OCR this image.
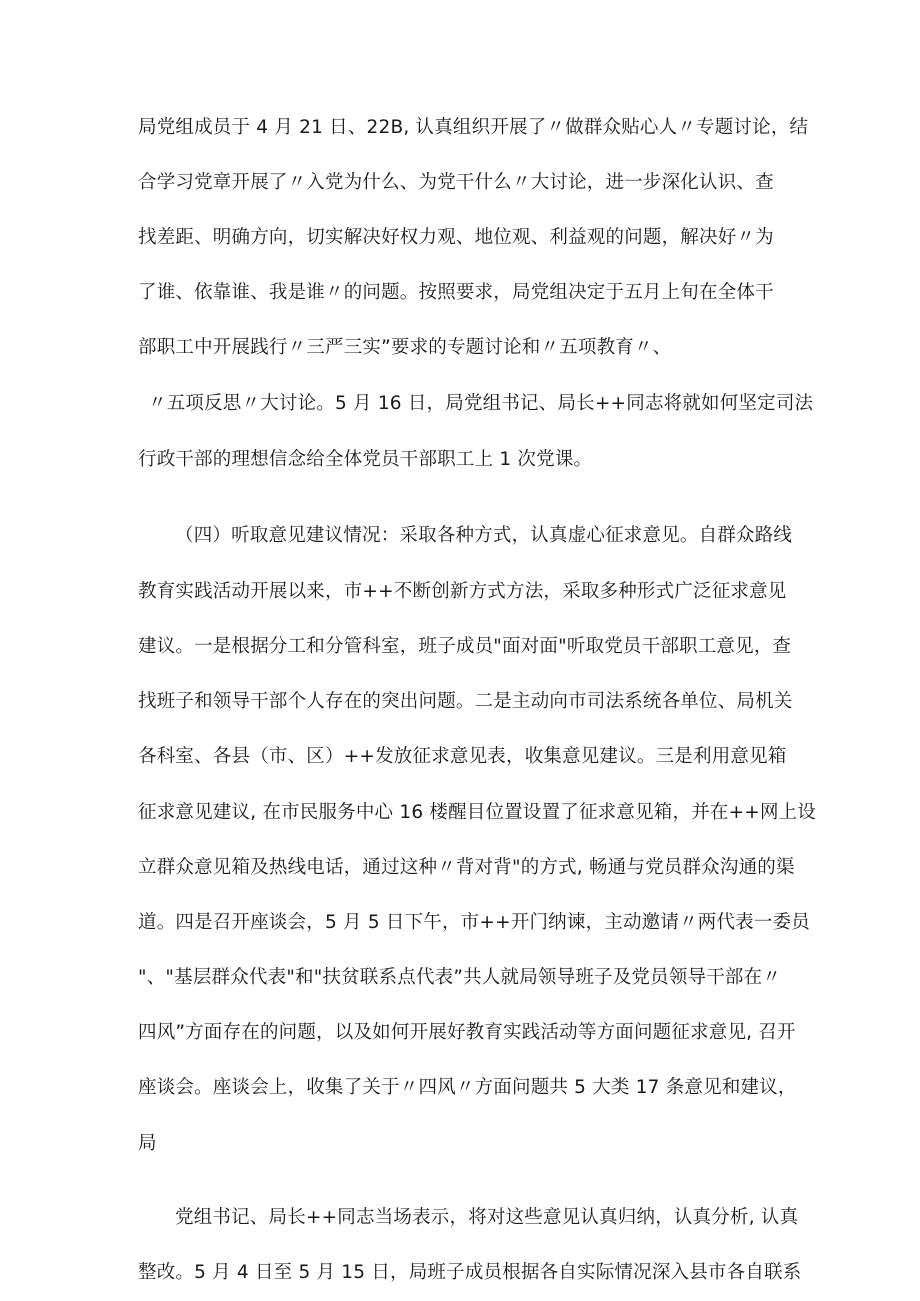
局党组成员于 4 月 21 日、22B, 认真组织开展了〃做群众贴心人〃专题讨论，结
合学习党章开展了〃入党为什么、为党干什么〃大讨论，进一步深化认识、查
找差距、明确方向，切实解决好权力观、地位观、利益观的问题，解决好〃为
了谁、依靠谁、我是谁〃的问题。按照要求，局党组决定于五月上旬在全体干
部职工中开展践行〃三严三实”要求的专题讨论和〃五项教育〃、
〃五项反思〃大讨论。5 月 16 日，局党组书记、局长++同志将就如何坚定司法
行政干部的理想信念给全体党员干部职工上 1 次党课。
（四）听取意见建议情况：采取各种方式，认真虚心征求意见。自群众路线
教育实践活动开展以来，市++不断创新方式方法，采取多种形式广泛征求意见
建议。一是根据分工和分管科室，班子成员"面对面"听取党员干部职工意见，查
找班子和领导干部个人存在的突出问题。二是主动向市司法系统各单位、局机关
各科室、各县（市、区）++发放征求意见表，收集意见建议。三是利用意见箱
征求意见建议, 在市民服务中心 16 楼醒目位置设置了征求意见箱，并在++网上设
立群众意见箱及热线电话，通过这种〃背对背"的方式, 畅通与党员群众沟通的渠
道。四是召开座谈会，5 月 5 日下午，市++开门纳谏，主动邀请〃两代表一委员
"、"基层群众代表"和"扶贫联系点代表”共人就局领导班子及党员领导干部在〃
四风”方面存在的问题，以及如何开展好教育实践活动等方面问题征求意见, 召开
座谈会。座谈会上，收集了关于〃四风〃方面问题共 5 大类 17 条意见和建议，
局
党组书记、局长++同志当场表示，将对这些意见认真归纳，认真分析, 认真
整改。5 月 4 日至 5 月 15 日，局班子成员根据各自实际情况深入县市各自联系
